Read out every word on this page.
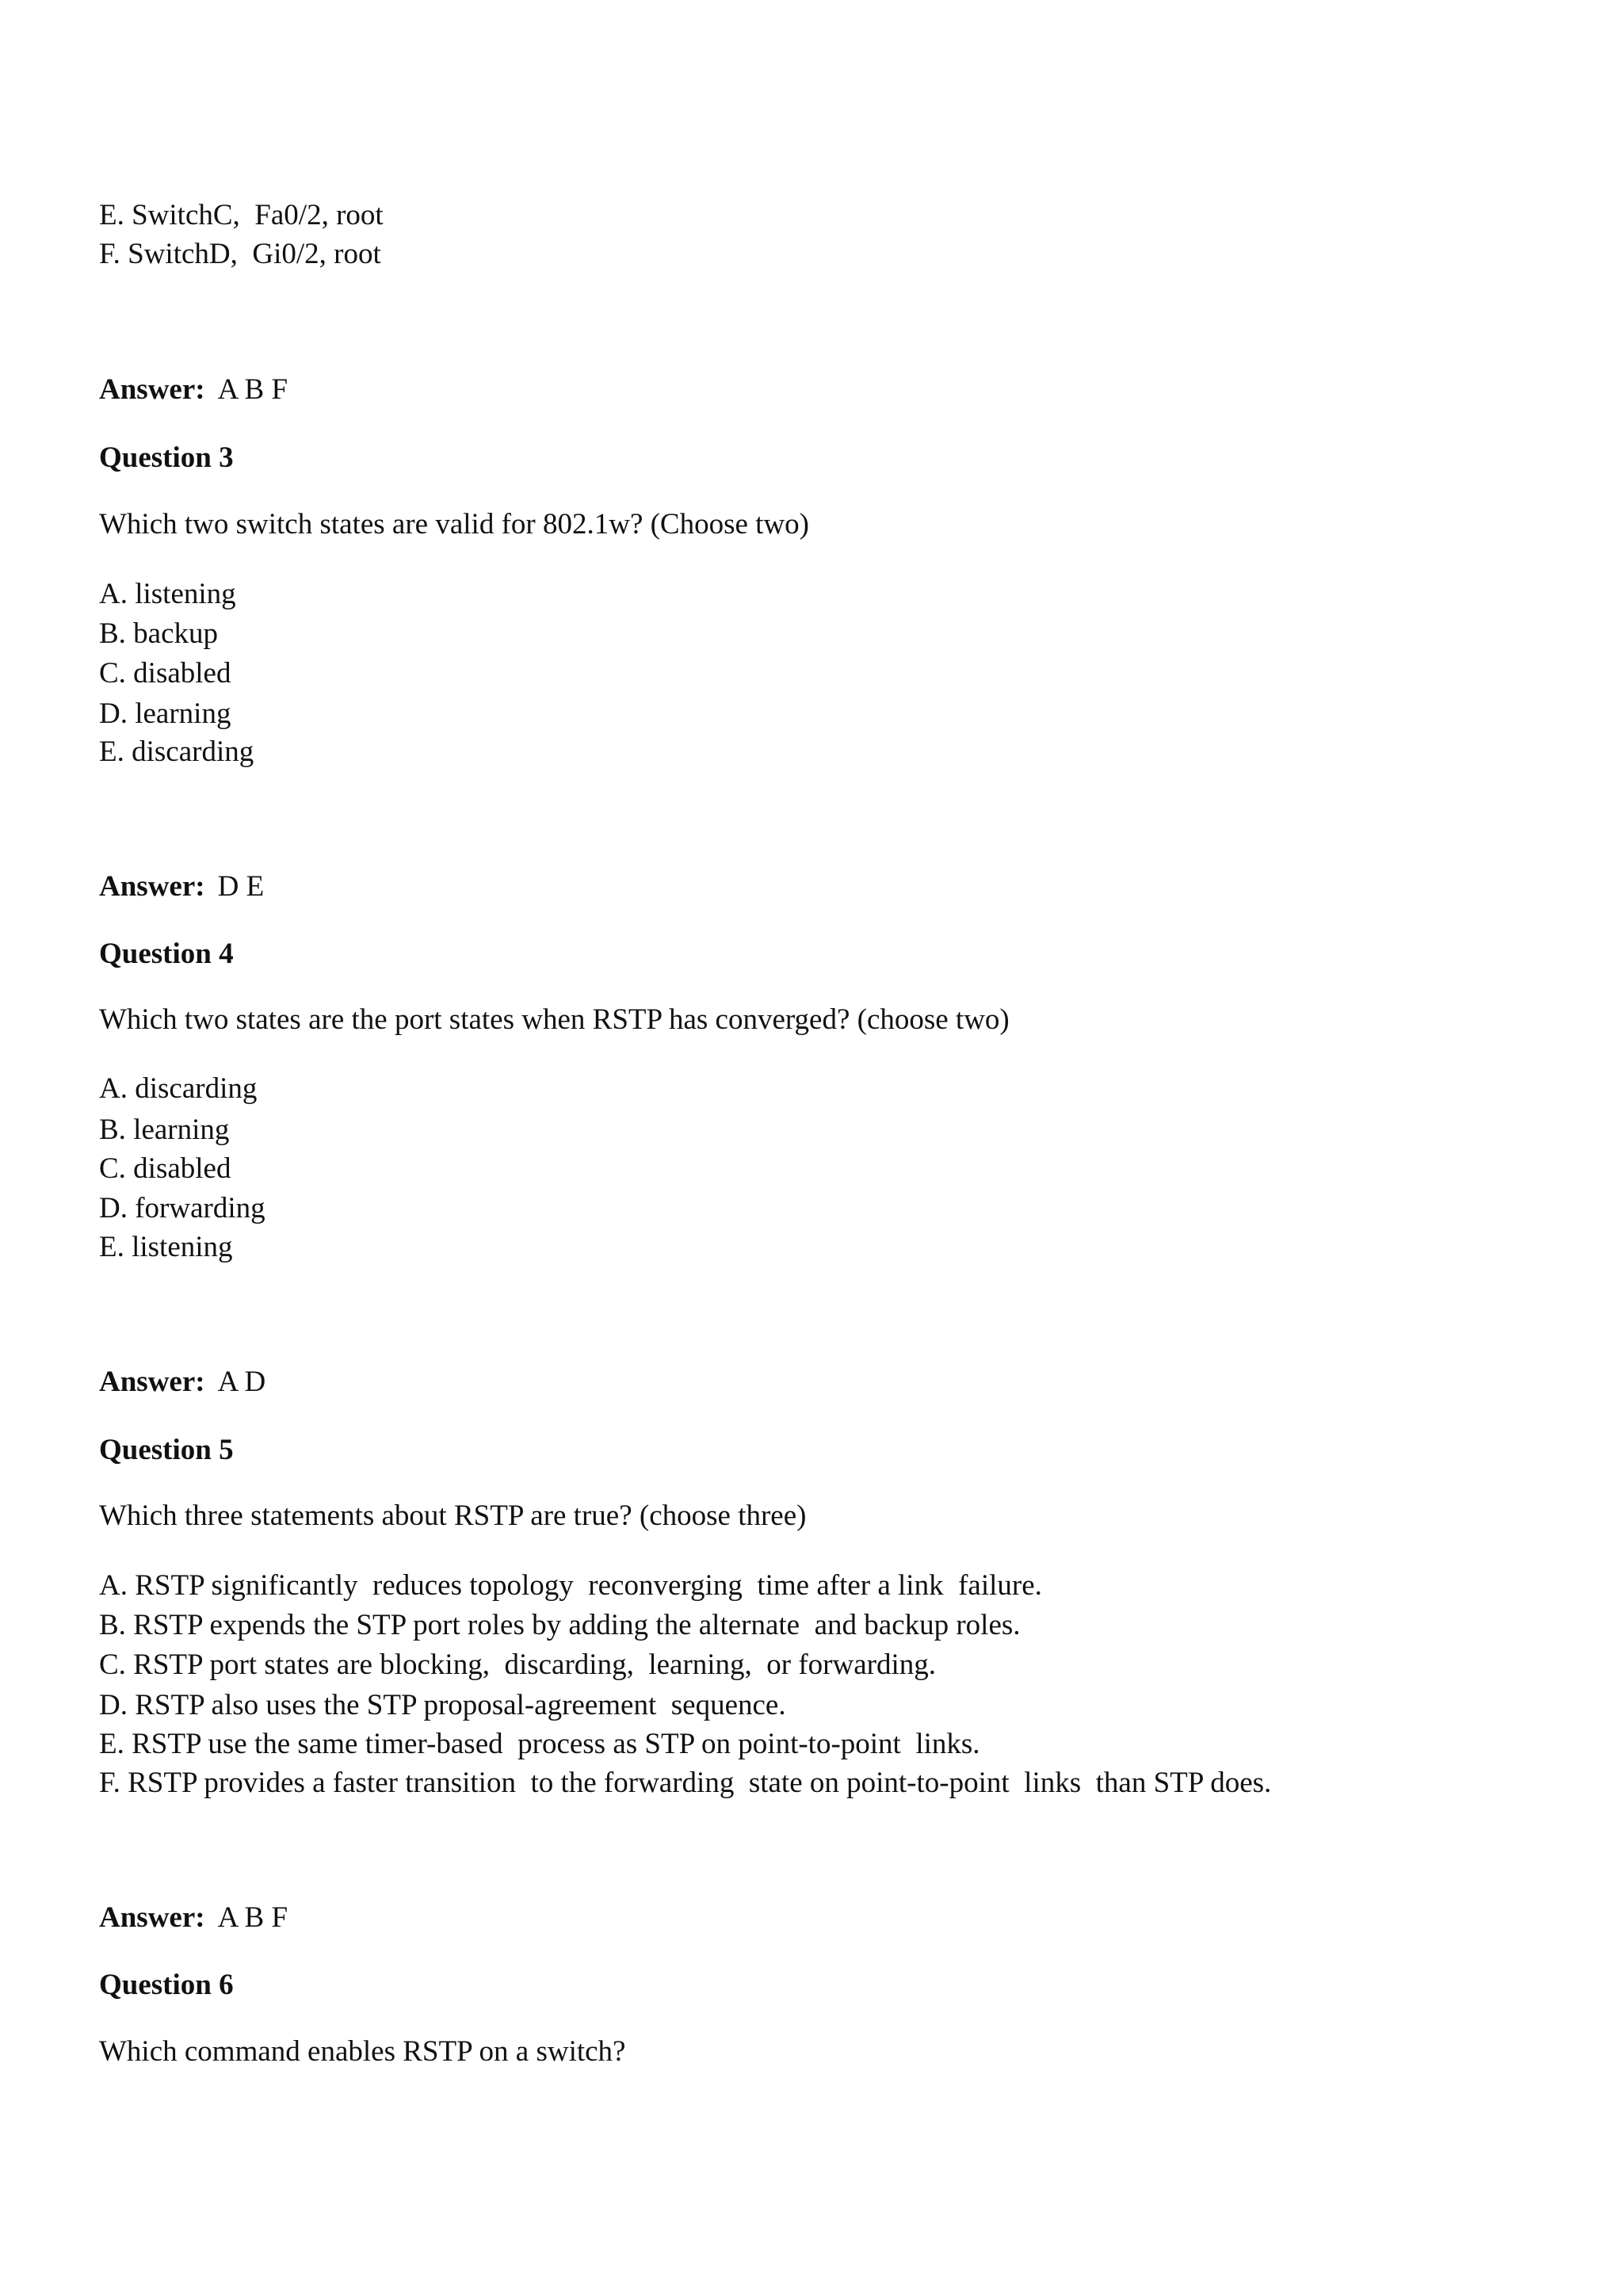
E. SwitchC,  Fa0/2, root
F. SwitchD,  Gi0/2, root
Answer: A B F
Question 3
Which two switch states are valid for 802.1w? (Choose two)
A. listening
B. backup
C. disabled
D. learning
E. discarding
Answer: D E
Question 4
Which two states are the port states when RSTP has converged? (choose two)
A. discarding
B. learning
C. disabled
D. forwarding
E. listening
Answer: A D
Question 5
Which three statements about RSTP are true? (choose three)
A. RSTP significantly  reduces topology  reconverging  time after a link  failure.
B. RSTP expends the STP port roles by adding the alternate  and backup roles.
C. RSTP port states are blocking,  discarding,  learning,  or forwarding.
D. RSTP also uses the STP proposal-agreement  sequence.
E. RSTP use the same timer-based  process as STP on point-to-point  links.
F. RSTP provides a faster transition  to the forwarding  state on point-to-point  links  than STP does.
Answer: A B F
Question 6
Which command enables RSTP on a switch?
